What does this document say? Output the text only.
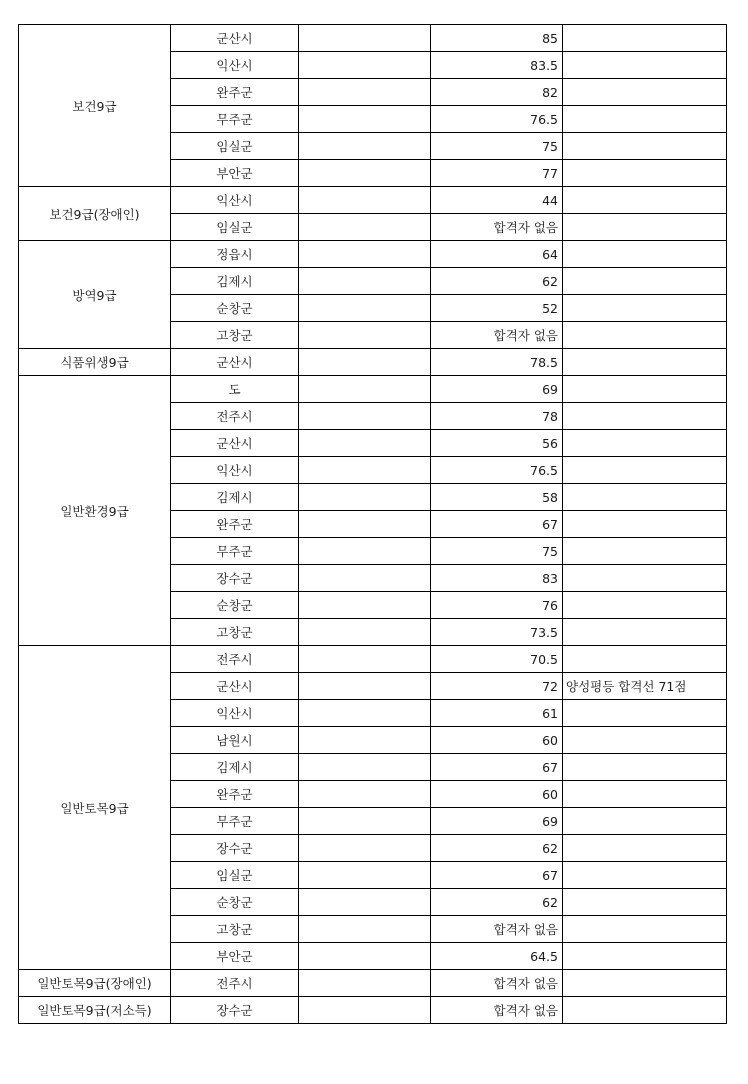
보건9급	군산시		85	
	익산시		83.5	
	완주군		82	
	무주군		76.5	
	임실군		75	
	부안군		77	
보건9급(장애인)	익산시		44	
	임실군		합격자 없음	
방역9급	정읍시		64	
	김제시		62	
	순창군		52	
	고창군		합격자 없음	
식품위생9급	군산시		78.5	
일반환경9급	도		69	
	전주시		78	
	군산시		56	
	익산시		76.5	
	김제시		58	
	완주군		67	
	무주군		75	
	장수군		83	
	순창군		76	
	고창군		73.5	
일반토목9급	전주시		70.5	
	군산시		72	양성평등 합격선 71점
	익산시		61	
	남원시		60	
	김제시		67	
	완주군		60	
	무주군		69	
	장수군		62	
	임실군		67	
	순창군		62	
	고창군		합격자 없음	
	부안군		64.5	
일반토목9급(장애인)	전주시		합격자 없음	
일반토목9급(저소득)	장수군		합격자 없음	
